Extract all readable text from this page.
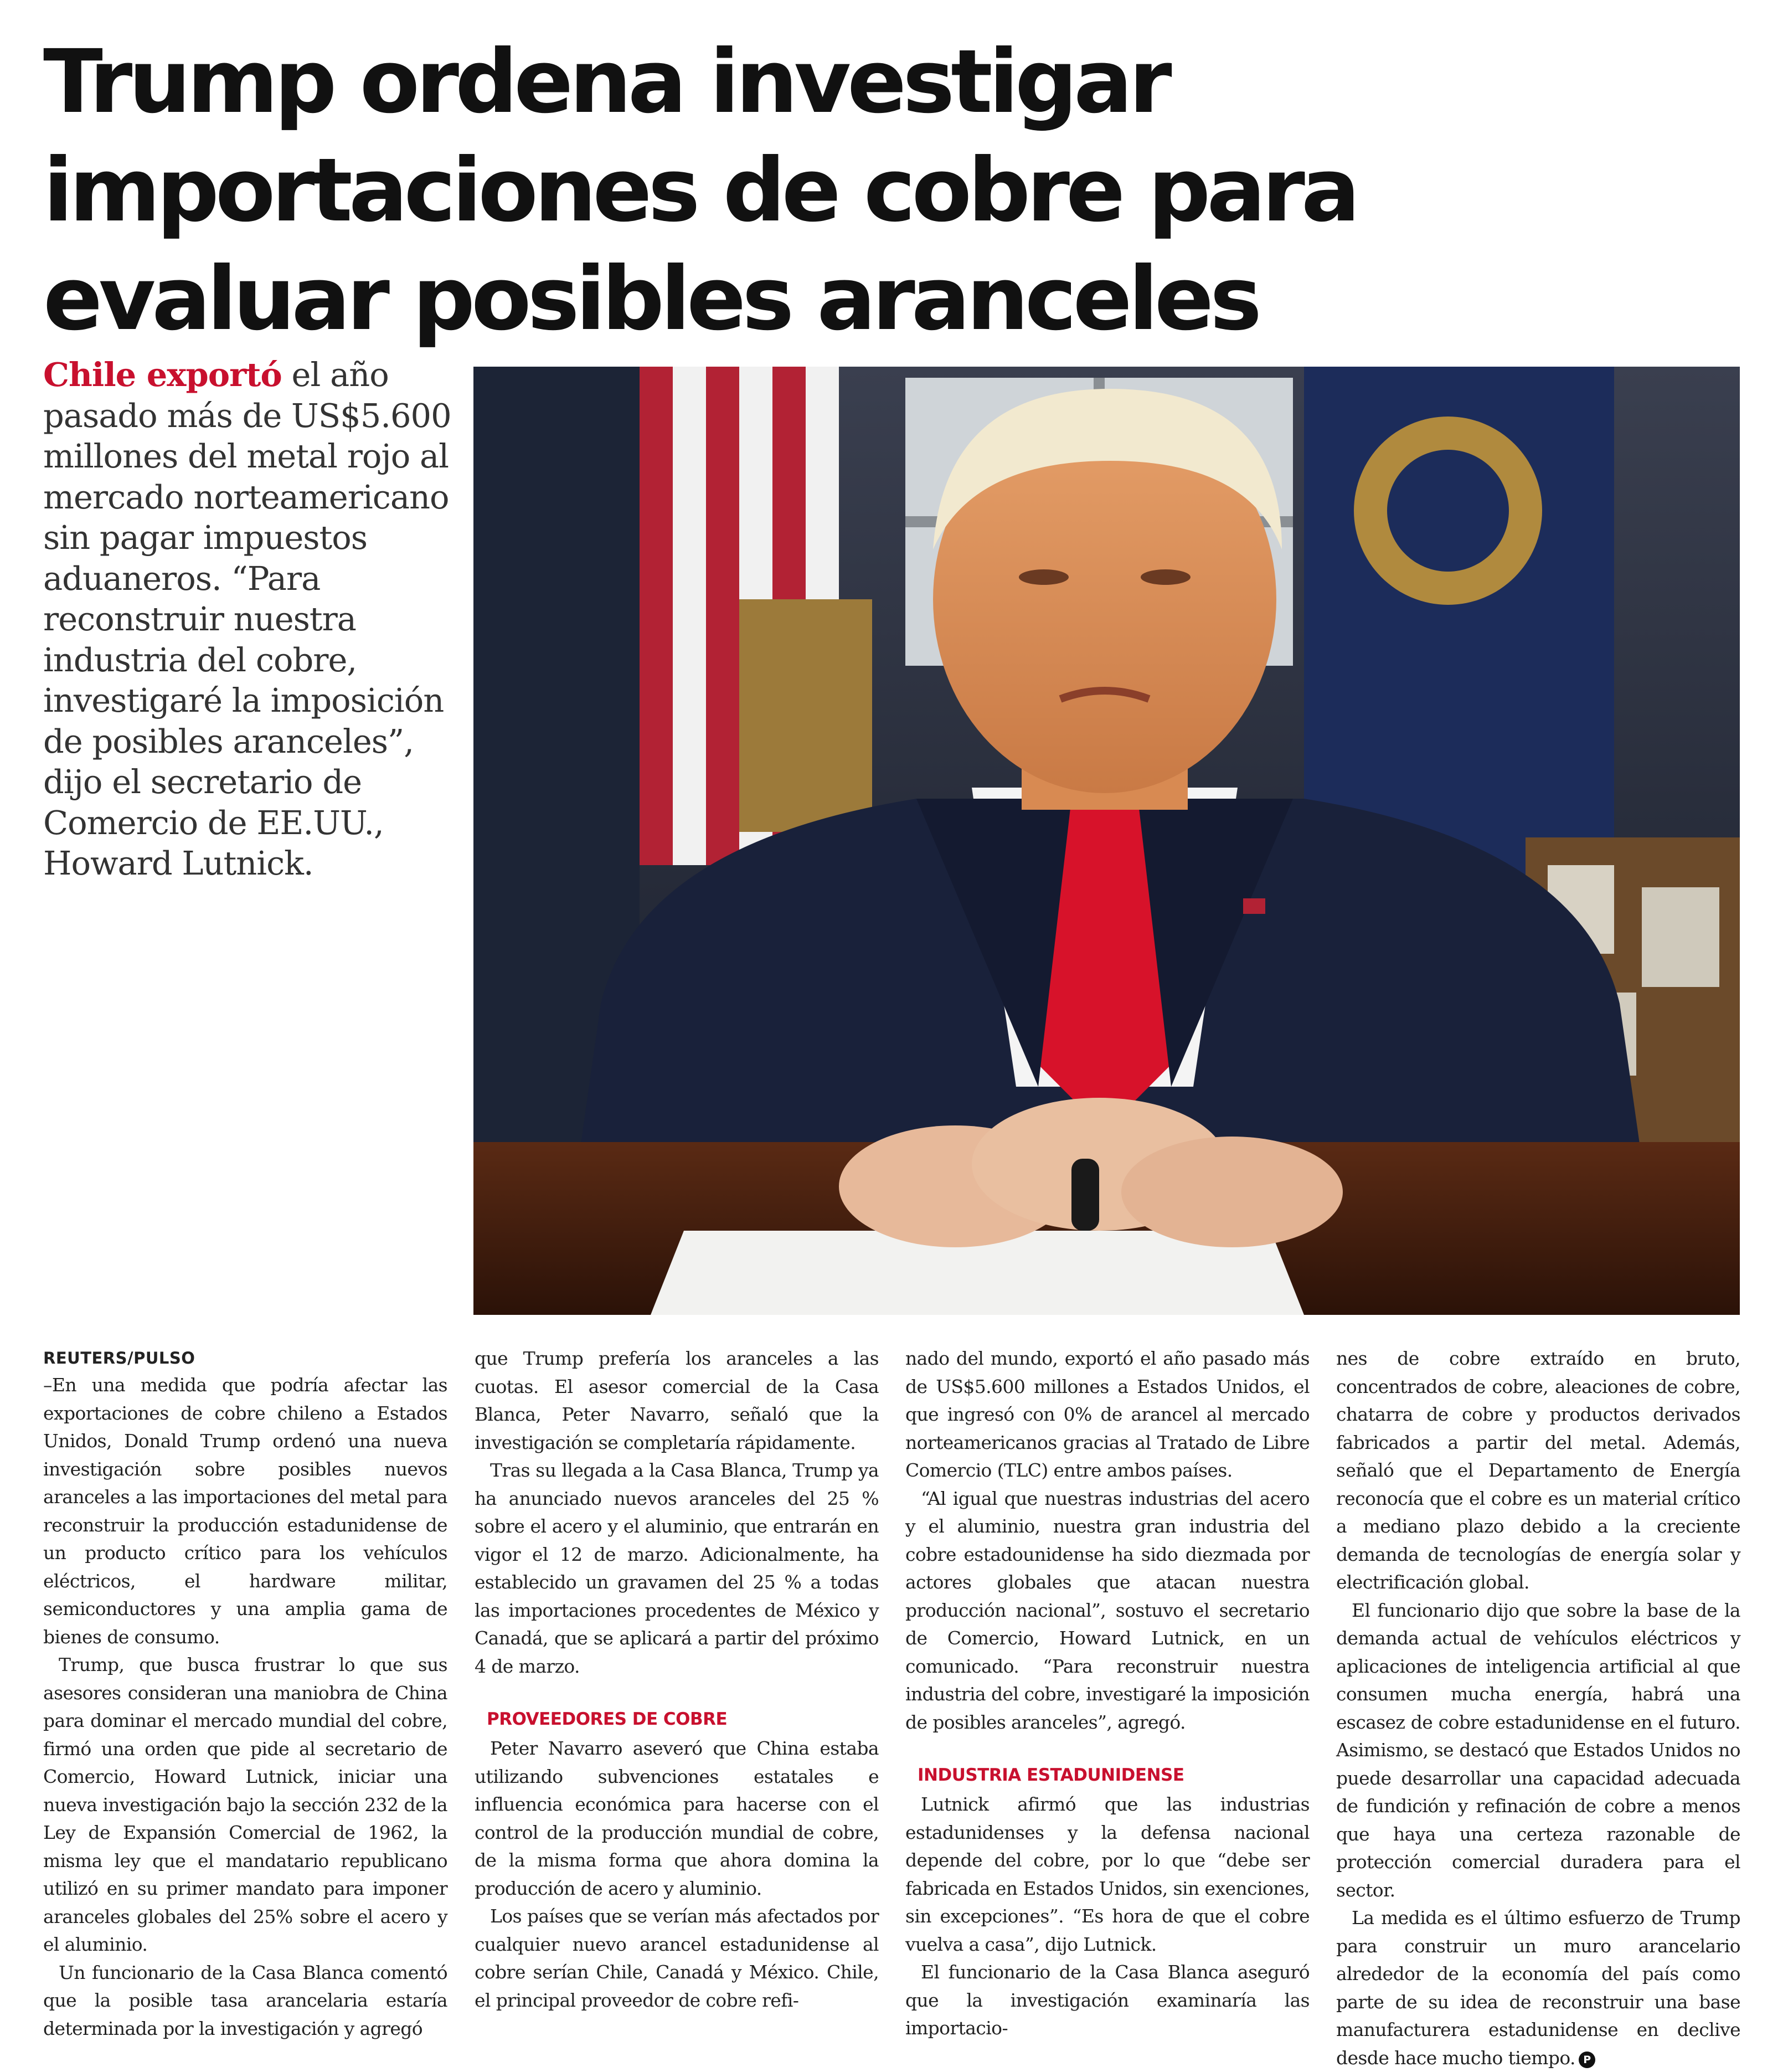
Trump ordena investigar
importaciones de cobre para
evaluar posibles aranceles

Chile exportó el año pasado más de US$5.600 millones del metal rojo al mercado norteamericano sin pagar impuestos aduaneros. “Para reconstruir nuestra industria del cobre, investigaré la imposición de posibles aranceles”, dijo el secretario de Comercio de EE.UU., Howard Lutnick.

REUTERS/PULSO

–En una medida que podría afectar las exportaciones de cobre chileno a Estados Unidos, Donald Trump ordenó una nueva investigación sobre posibles nuevos aranceles a las importaciones del metal para reconstruir la producción estadunidense de un producto crítico para los vehículos eléctricos, el hardware militar, semiconductores y una amplia gama de bienes de consumo.

Trump, que busca frustrar lo que sus asesores consideran una maniobra de China para dominar el mercado mundial del cobre, firmó una orden que pide al secretario de Comercio, Howard Lutnick, iniciar una nueva investigación bajo la sección 232 de la Ley de Expansión Comercial de 1962, la misma ley que el mandatario republicano utilizó en su primer mandato para imponer aranceles globales del 25% sobre el acero y el aluminio.

Un funcionario de la Casa Blanca comentó que la posible tasa arancelaria estaría determinada por la investigación y agregó

que Trump prefería los aranceles a las cuotas. El asesor comercial de la Casa Blanca, Peter Navarro, señaló que la investigación se completaría rápidamente.

Tras su llegada a la Casa Blanca, Trump ya ha anunciado nuevos aranceles del 25 % sobre el acero y el aluminio, que entrarán en vigor el 12 de marzo. Adicionalmente, ha establecido un gravamen del 25 % a todas las importaciones procedentes de México y Canadá, que se aplicará a partir del próximo 4 de marzo.

PROVEEDORES DE COBRE

Peter Navarro aseveró que China estaba utilizando subvenciones estatales e influencia económica para hacerse con el control de la producción mundial de cobre, de la misma forma que ahora domina la producción de acero y aluminio.

Los países que se verían más afectados por cualquier nuevo arancel estadunidense al cobre serían Chile, Canadá y México. Chile, el principal proveedor de cobre refi-

nado del mundo, exportó el año pasado más de US$5.600 millones a Estados Unidos, el que ingresó con 0% de arancel al mercado norteamericanos gracias al Tratado de Libre Comercio (TLC) entre ambos países.

“Al igual que nuestras industrias del acero y el aluminio, nuestra gran industria del cobre estadounidense ha sido diezmada por actores globales que atacan nuestra producción nacional”, sostuvo el secretario de Comercio, Howard Lutnick, en un comunicado. “Para reconstruir nuestra industria del cobre, investigaré la imposición de posibles aranceles”, agregó.

INDUSTRIA ESTADUNIDENSE

Lutnick afirmó que las industrias estadunidenses y la defensa nacional depende del cobre, por lo que “debe ser fabricada en Estados Unidos, sin exenciones, sin excepciones”. “Es hora de que el cobre vuelva a casa”, dijo Lutnick.

El funcionario de la Casa Blanca aseguró que la investigación examinaría las importacio-

nes de cobre extraído en bruto, concentrados de cobre, aleaciones de cobre, chatarra de cobre y productos derivados fabricados a partir del metal. Además, señaló que el Departamento de Energía reconocía que el cobre es un material crítico a mediano plazo debido a la creciente demanda de tecnologías de energía solar y electrificación global.

El funcionario dijo que sobre la base de la demanda actual de vehículos eléctricos y aplicaciones de inteligencia artificial al que consumen mucha energía, habrá una escasez de cobre estadunidense en el futuro. Asimismo, se destacó que Estados Unidos no puede desarrollar una capacidad adecuada de fundición y refinación de cobre a menos que haya una certeza razonable de protección comercial duradera para el sector.

La medida es el último esfuerzo de Trump para construir un muro arancelario alrededor de la economía del país como parte de su idea de reconstruir una base manufacturera estadunidense en declive desde hace mucho tiempo. P
